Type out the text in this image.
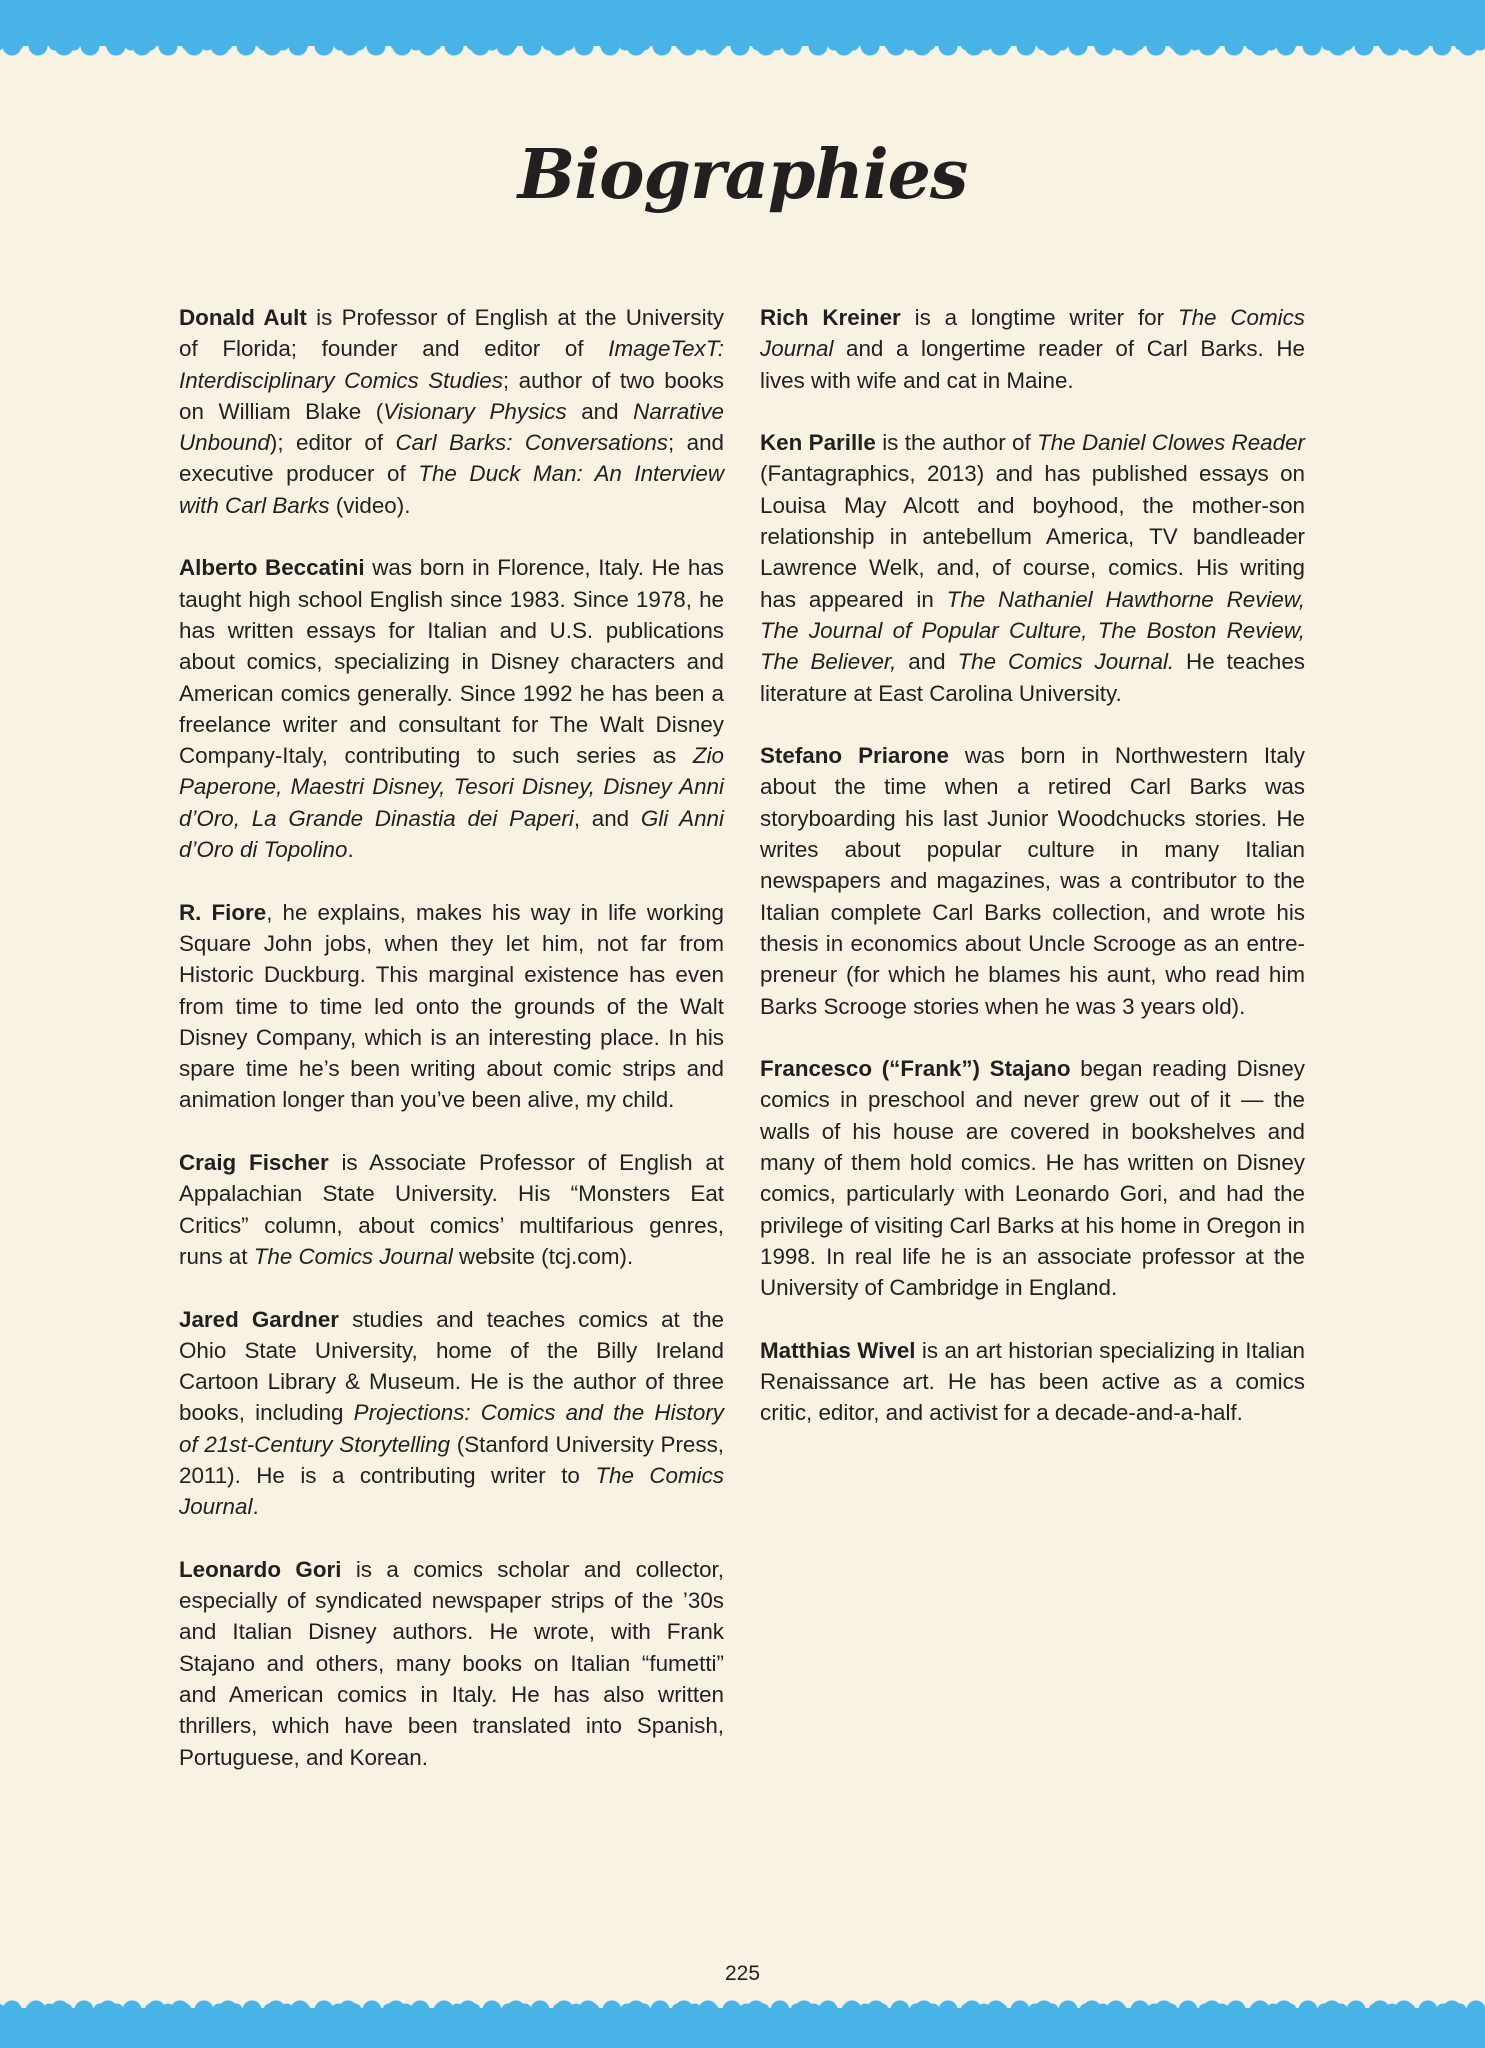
Biographies

Donald Ault is Professor of English at the University of Florida; founder and editor of ImageTexT: Interdisciplinary Comics Studies; author of two books on William Blake (Visionary Physics and Narrative Unbound); editor of Carl Barks: Conversations; and executive producer of The Duck Man: An Interview with Carl Barks (video).

Alberto Beccatini was born in Florence, Italy. He has taught high school English since 1983. Since 1978, he has written essays for Italian and U.S. publications about comics, specializing in Disney characters and American comics generally. Since 1992 he has been a freelance writer and consultant for The Walt Disney Company-Italy, contributing to such series as Zio Paperone, Maestri Disney, Tesori Disney, Disney Anni d’Oro, La Grande Dinastia dei Paperi, and Gli Anni d’Oro di Topolino.

R. Fiore, he explains, makes his way in life working Square John jobs, when they let him, not far from Historic Duckburg. This marginal existence has even from time to time led onto the grounds of the Walt Disney Company, which is an interesting place. In his spare time he’s been writing about comic strips and animation longer than you’ve been alive, my child.

Craig Fischer is Associate Professor of English at Appalachian State University. His “Monsters Eat Critics” column, about comics’ multifarious genres, runs at The Comics Journal website (tcj.com).

Jared Gardner studies and teaches comics at the Ohio State University, home of the Billy Ireland Cartoon Library & Museum. He is the author of three books, including Projections: Comics and the History of 21st-Century Storytelling (Stanford University Press, 2011). He is a contributing writer to The Comics Journal.

Leonardo Gori is a comics scholar and collector, especially of syndicated newspaper strips of the ’30s and Italian Disney authors. He wrote, with Frank Stajano and others, many books on Italian “fumetti” and American comics in Italy. He has also written thrillers, which have been translated into Spanish, Portuguese, and Korean.

Rich Kreiner is a longtime writer for The Comics Journal and a longertime reader of Carl Barks. He lives with wife and cat in Maine.

Ken Parille is the author of The Daniel Clowes Reader (Fantagraphics, 2013) and has published essays on Louisa May Alcott and boyhood, the mother-son relationship in antebellum America, TV bandleader Lawrence Welk, and, of course, comics. His writing has appeared in The Nathaniel Hawthorne Review, The Journal of Popular Culture, The Boston Review, The Believer, and The Comics Journal. He teaches literature at East Carolina University.

Stefano Priarone was born in Northwestern Italy about the time when a retired Carl Barks was storyboarding his last Junior Woodchucks stories. He writes about popular culture in many Italian newspapers and magazines, was a contributor to the Italian complete Carl Barks collection, and wrote his thesis in economics about Uncle Scrooge as an entrepreneur (for which he blames his aunt, who read him Barks Scrooge stories when he was 3 years old).

Francesco (“Frank”) Stajano began reading Disney comics in preschool and never grew out of it — the walls of his house are covered in bookshelves and many of them hold comics. He has written on Disney comics, particularly with Leonardo Gori, and had the privilege of visiting Carl Barks at his home in Oregon in 1998. In real life he is an associate professor at the University of Cambridge in England.

Matthias Wivel is an art historian specializing in Italian Renaissance art. He has been active as a comics critic, editor, and activist for a decade-and-a-half.

225
